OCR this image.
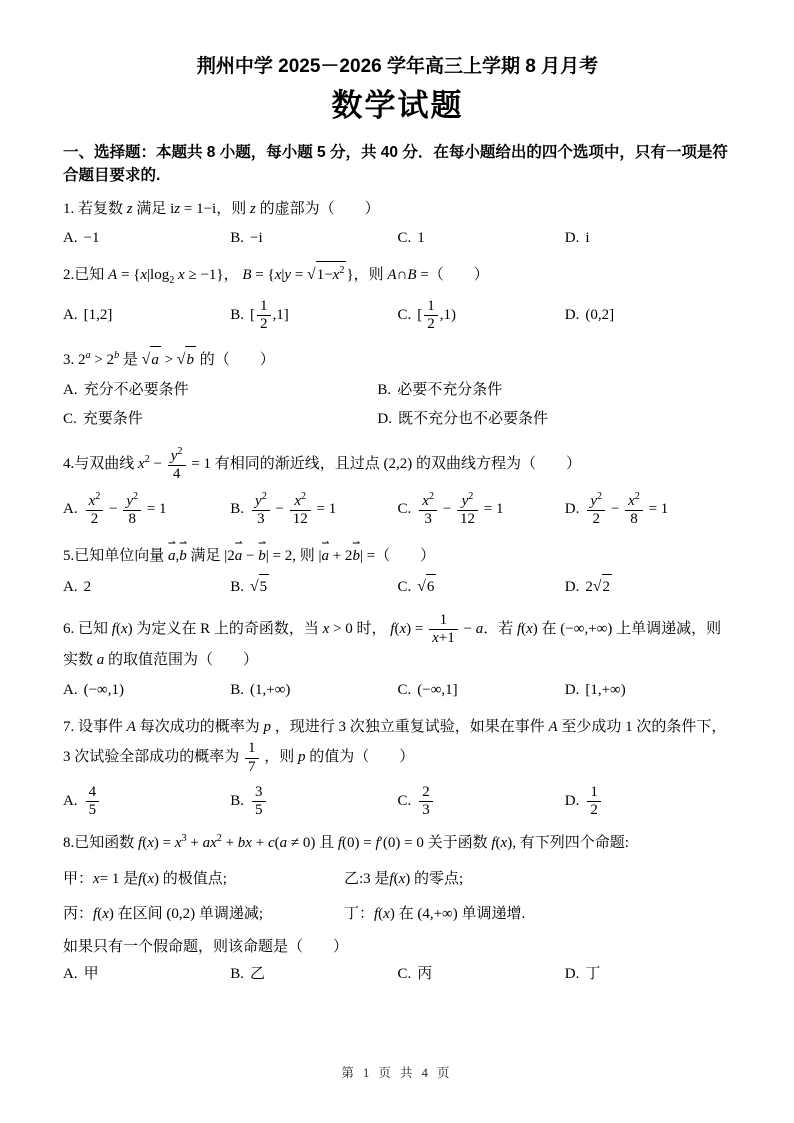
荆州中学 2025－2026 学年高三上学期 8 月月考
数学试题
一、选择题：本题共 8 小题，每小题 5 分，共 40 分．在每小题给出的四个选项中，只有一项是符合题目要求的.
1. 若复数 z 满足 iz = 1−i，则 z 的虚部为（　　）
A. −1	B. −i	C. 1	D. i
2.已知 $A = \{x|\log_2$ x ≥ −1}， $B = \{x|y = √1-x^2$ }，则 A∩B =（　　）
A. [1,2]	B. [ $\frac{1}{2} ,1$]	C. [ $\frac{1}{2} ,1$)	D. (0,2]
3. $2^a > 2^b$ 是 √a > √b 的（　　）
A. 充分不必要条件	B. 必要不充分条件
C. 充要条件	D. 既不充分也不必要条件
4.与双曲线 $x^2 - \frac{y^2}{4} = 1$ 有相同的渐近线，且过点 (2,2) 的双曲线方程为（　　）
A. $\frac{x^2}{2} - \frac{y^2}{8} = 1$	B. $\frac{y^2}{3} - \frac{x^2}{12} = 1$	C. $\frac{x^2}{3} - \frac{y^2}{12} = 1$	D. $\frac{y^2}{2} - \frac{x^2}{8} = 1$
5.已知单位向量 a ⇀,b ⇀ 满足 |2a ⇀ − b ⇀| = 2, 则 |a ⇀ + 2b ⇀| =（　　）
A. 2	B. √5	C. √6	D. 2√2
6. 已知 f(x) 为定义在 R 上的奇函数，当 x > 0 时， $f(x) = \frac{1}{x+1} - a$．若 f(x) 在 (−∞,+∞) 上单调递减，则实数 a 的取值范围为（　　）
A. (−∞,1)	B. (1,+∞)	C. (−∞,1]	D. [1,+∞)
7. 设事件 A 每次成功的概率为 p ，现进行 3 次独立重复试验，如果在事件 A 至少成功 1 次的条件下，3 次试验全部成功的概率为 $\frac{1}{7}$ ，则 p 的值为（　　）
A. $\frac{4}{5}$	B. $\frac{3}{5}$	C. $\frac{2}{3}$	D. $\frac{1}{2}$
8.已知函数 $f(x) = x^3 + ax^2$ + bx + c(a ≠ 0) 且 f(0) = f′(0) = 0 关于函数 f(x), 有下列四个命题:
甲： x = 1 是 f ( x ) 的极值点;	乙:3 是 f ( x ) 的零点;
丙： f ( x ) 在区间 (0,2) 单调递减;	丁： f ( x ) 在 (4,+∞) 单调递增.
如果只有一个假命题，则该命题是（　　）
A. 甲	B. 乙	C. 丙	D. 丁
第 1 页 共 4 页
